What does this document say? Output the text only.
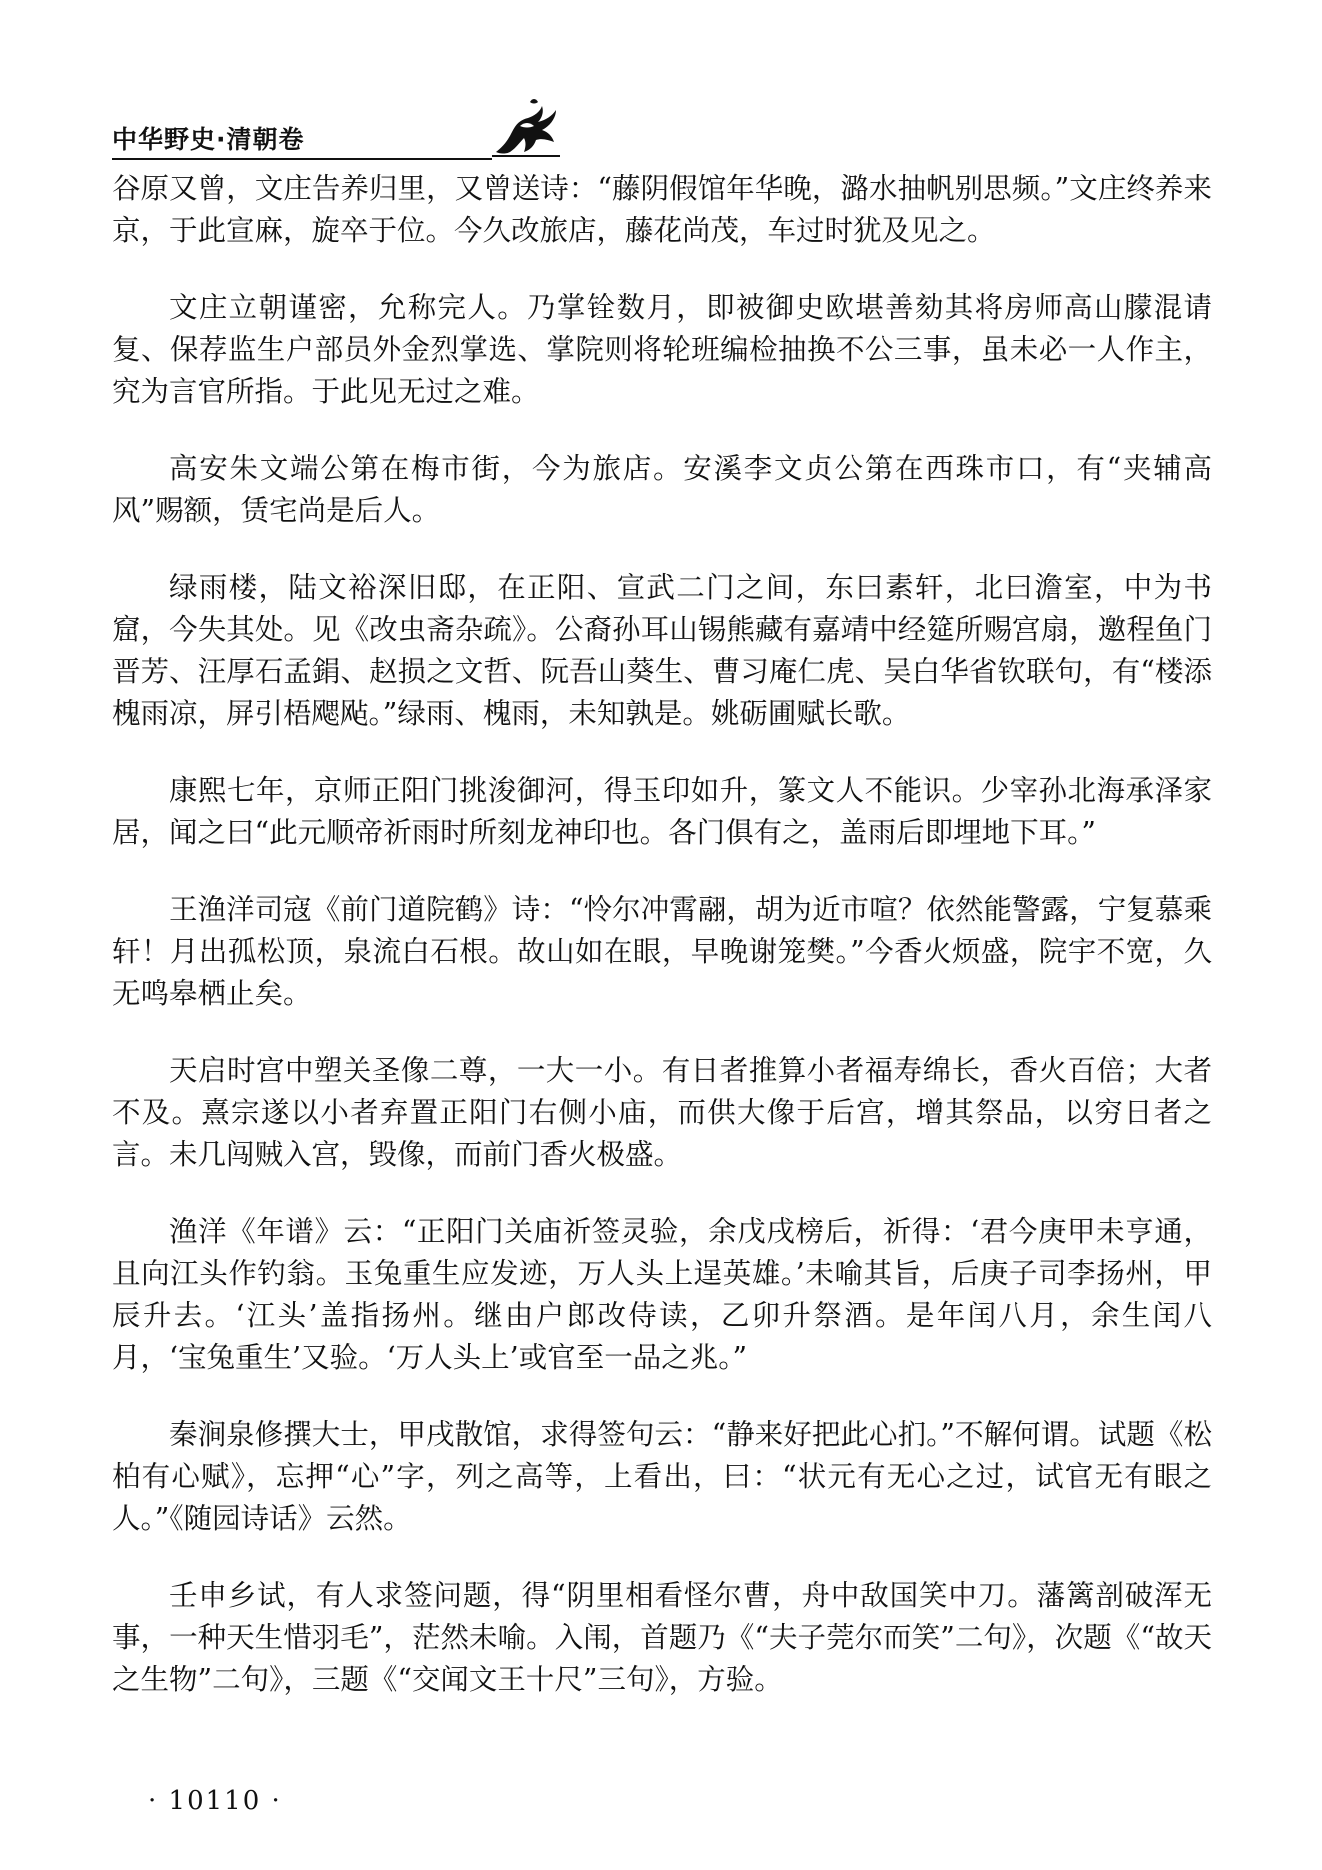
中华野史·清朝卷

谷原又曾，文庄告养归里，又曾送诗：“藤阴假馆年华晚，潞水抽帆别思频。”文庄终养来京，于此宣麻，旋卒于位。今久改旅店，藤花尚茂，车过时犹及见之。

文庄立朝谨密，允称完人。乃掌铨数月，即被御史欧堪善劾其将房师高山朦混请复、保荐监生户部员外金烈掌选、掌院则将轮班编检抽换不公三事，虽未必一人作主，究为言官所指。于此见无过之难。

高安朱文端公第在梅市街，今为旅店。安溪李文贞公第在西珠市口，有“夹辅高风”赐额，赁宅尚是后人。

绿雨楼，陆文裕深旧邸，在正阳、宣武二门之间，东曰素轩，北曰澹室，中为书窟，今失其处。见《改虫斋杂疏》。公裔孙耳山锡熊藏有嘉靖中经筵所赐宫扇，邀程鱼门晋芳、汪厚石孟鋗、赵损之文哲、阮吾山葵生、曹习庵仁虎、吴白华省钦联句，有“楼添槐雨凉，屏引梧飔飐。”绿雨、槐雨，未知孰是。姚砺圃赋长歌。

康熙七年，京师正阳门挑浚御河，得玉印如升，篆文人不能识。少宰孙北海承泽家居，闻之曰“此元顺帝祈雨时所刻龙神印也。各门俱有之，盖雨后即埋地下耳。”

王渔洋司寇《前门道院鹤》诗：“怜尔冲霄翮，胡为近市喧？依然能警露，宁复慕乘轩！月出孤松顶，泉流白石根。故山如在眼，早晚谢笼樊。”今香火烦盛，院宇不宽，久无鸣皋栖止矣。

天启时宫中塑关圣像二尊，一大一小。有日者推算小者福寿绵长，香火百倍；大者不及。熹宗遂以小者弃置正阳门右侧小庙，而供大像于后宫，增其祭品，以穷日者之言。未几闯贼入宫，毁像，而前门香火极盛。

渔洋《年谱》云：“正阳门关庙祈签灵验，余戊戌榜后，祈得：‘君今庚甲未亨通，且向江头作钓翁。玉兔重生应发迹，万人头上逞英雄。’未喻其旨，后庚子司李扬州，甲辰升去。‘江头’盖指扬州。继由户郎改侍读，乙卯升祭酒。是年闰八月，余生闰八月，‘宝兔重生’又验。‘万人头上’或官至一品之兆。”

秦涧泉修撰大士，甲戌散馆，求得签句云：“静来好把此心扪。”不解何谓。试题《松柏有心赋》，忘押“心”字，列之高等，上看出，曰：“状元有无心之过，试官无有眼之人。”《随园诗话》云然。

壬申乡试，有人求签问题，得“阴里相看怪尔曹，舟中敌国笑中刀。藩篱剖破浑无事，一种天生惜羽毛”，茫然未喻。入闱，首题乃《“夫子莞尔而笑”二句》，次题《“故天之生物”二句》，三题《“交闻文王十尺”三句》，方验。

· 10110 ·
